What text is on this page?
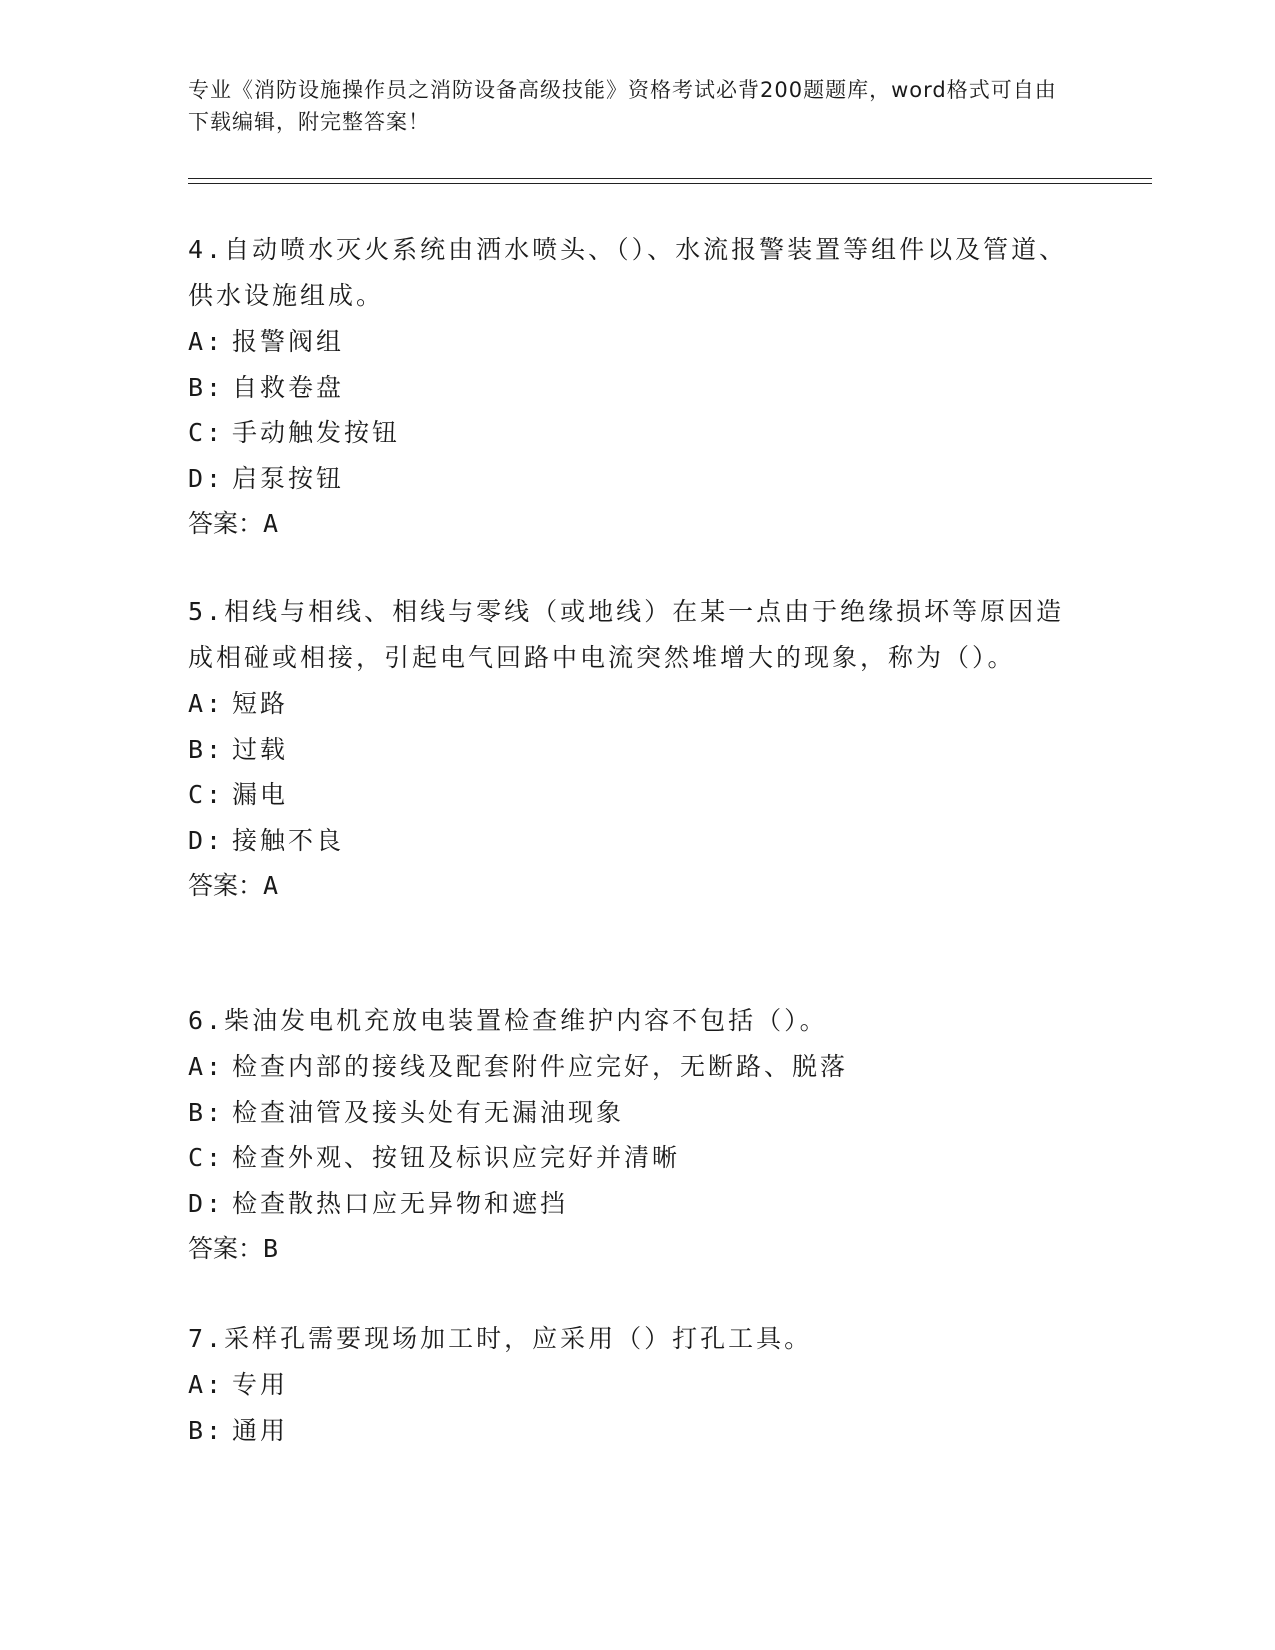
专业《消防设施操作员之消防设备高级技能》资格考试必背200题题库，word格式可自由下载编辑，附完整答案！

4.自动喷水灭火系统由洒水喷头、（）、水流报警装置等组件以及管道、供水设施组成。

A: 报警阀组

B: 自救卷盘

C: 手动触发按钮

D: 启泵按钮

答案：A

5.相线与相线、相线与零线（或地线）在某一点由于绝缘损坏等原因造成相碰或相接，引起电气回路中电流突然堆增大的现象，称为（）。

A: 短路

B: 过载

C: 漏电

D: 接触不良

答案：A

6.柴油发电机充放电装置检查维护内容不包括（）。

A: 检查内部的接线及配套附件应完好，无断路、脱落

B: 检查油管及接头处有无漏油现象

C: 检查外观、按钮及标识应完好并清晰

D: 检查散热口应无异物和遮挡

答案：B

7.采样孔需要现场加工时，应采用（）打孔工具。

A: 专用

B: 通用
